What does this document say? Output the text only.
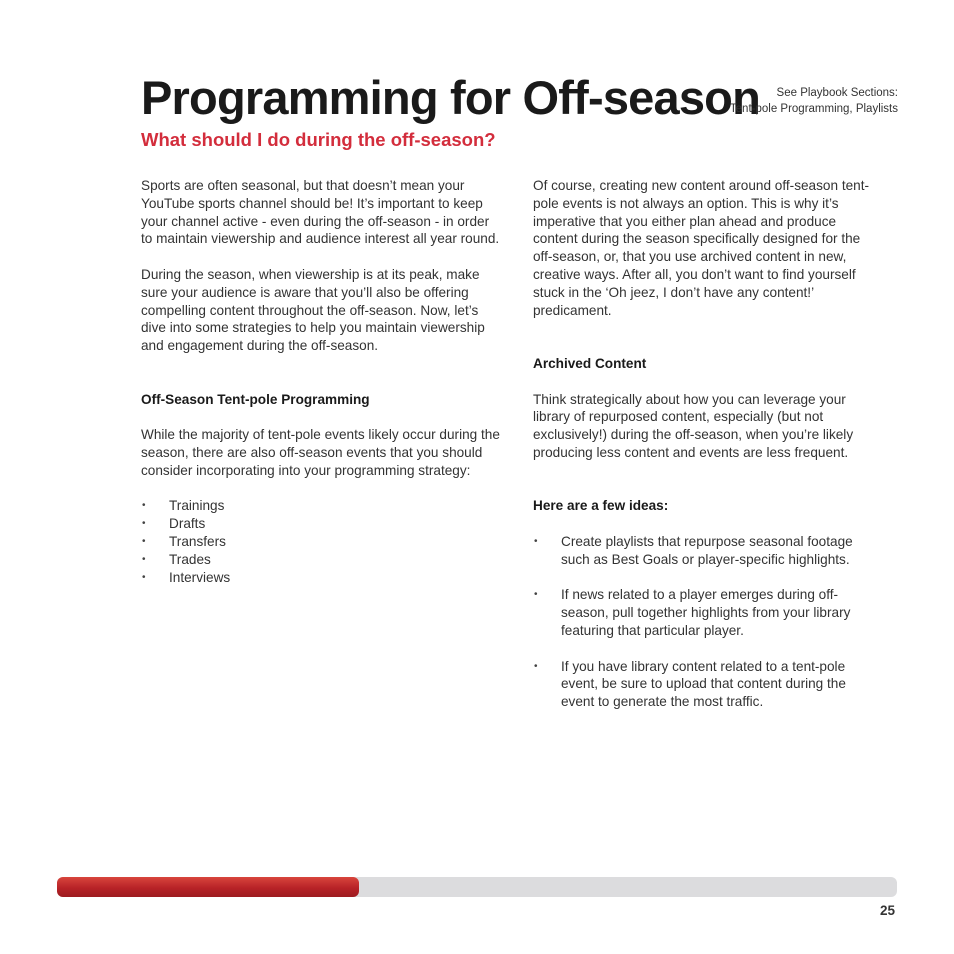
Programming for Off-season	See Playbook Sections:
Tent-pole Programming, Playlists
What should I do during the off-season?

Sports are often seasonal, but that doesn’t mean your YouTube sports channel should be! It’s important to keep your channel active - even during the off-season - in order to maintain viewership and audience interest all year round.

During the season, when viewership is at its peak, make sure your audience is aware that you’ll also be offering compelling content throughout the off-season. Now, let’s dive into some strategies to help you maintain viewership and engagement during the off-season.

Off-Season Tent-pole Programming

While the majority of tent-pole events likely occur during the season, there are also off-season events that you should consider incorporating into your programming strategy:

• Trainings
• Drafts
• Transfers
• Trades
• Interviews

Of course, creating new content around off-season tent-pole events is not always an option. This is why it’s imperative that you either plan ahead and produce content during the season specifically designed for the off-season, or, that you use archived content in new, creative ways. After all, you don’t want to find yourself stuck in the ‘Oh jeez, I don’t have any content!’ predicament.

Archived Content

Think strategically about how you can leverage your library of repurposed content, especially (but not exclusively!) during the off-season, when you’re likely producing less content and events are less frequent.

Here are a few ideas:
• Create playlists that repurpose seasonal footage such as Best Goals or player-specific highlights.
• If news related to a player emerges during off-season, pull together highlights from your library featuring that particular player.
• If you have library content related to a tent-pole event, be sure to upload that content during the event to generate the most traffic.
25
